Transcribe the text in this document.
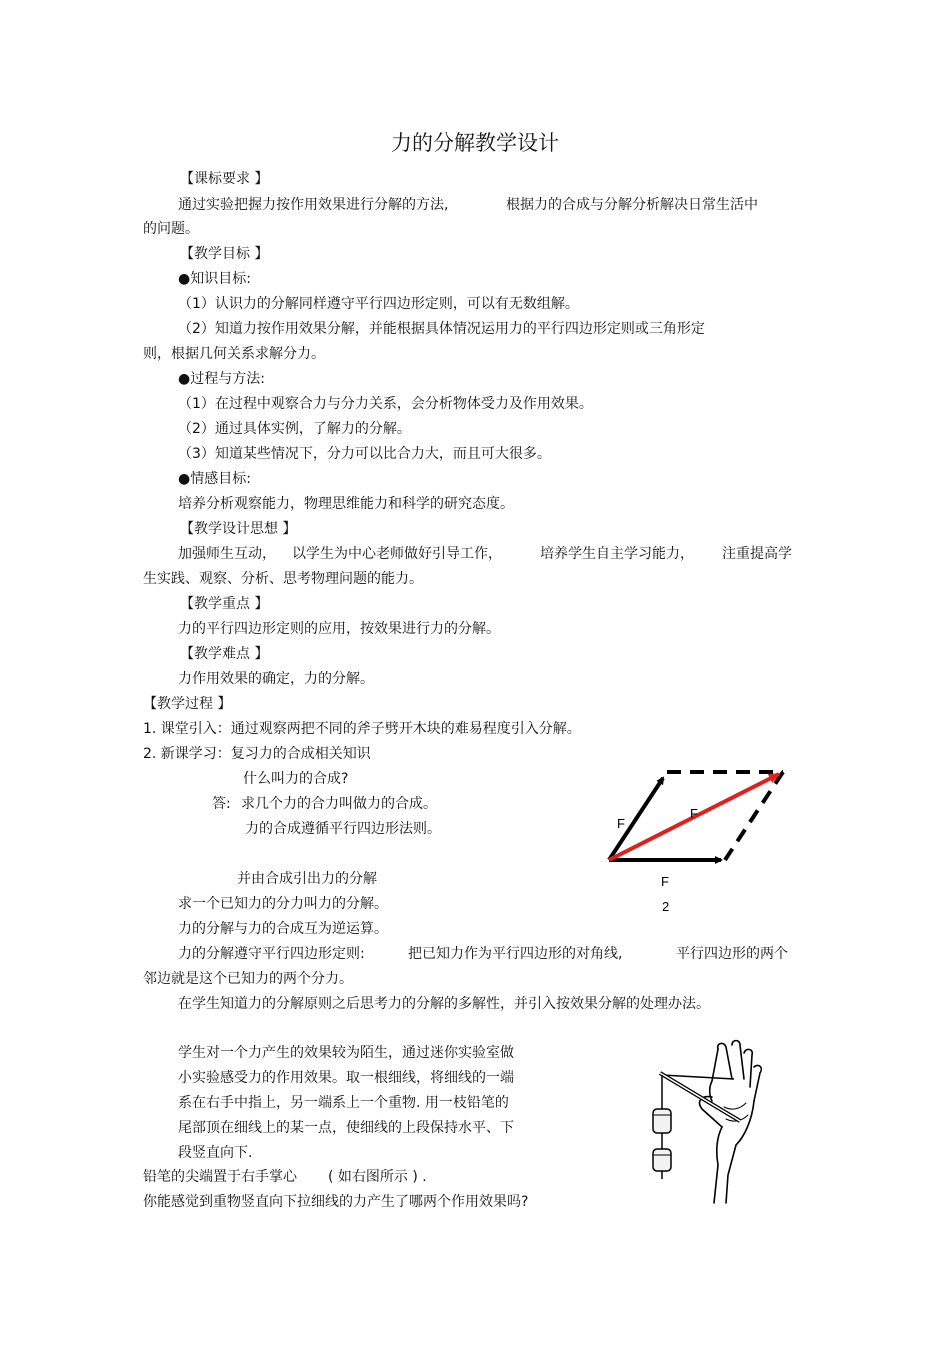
力的分解教学设计
【课标要求 】
通过实验把握力按作用效果进行分解的方法,	根据力的合成与分解分析解决日常生活中
的问题。
【教学目标 】
●知识目标:
（1）认识力的分解同样遵守平行四边形定则，可以有无数组解。
（2）知道力按作用效果分解，并能根据具体情况运用力的平行四边形定则或三角形定
则，根据几何关系求解分力。
●过程与方法:
（1）在过程中观察合力与分力关系，会分析物体受力及作用效果。
（2）通过具体实例，了解力的分解。
（3）知道某些情况下，分力可以比合力大，而且可大很多。
●情感目标:
培养分析观察能力，物理思维能力和科学的研究态度。
【教学设计思想 】
加强师生互动， 以学生为中心老师做好引导工作，	培养学生自主学习能力， 注重提高学
生实践、观察、分析、思考物理问题的能力。
【教学重点 】
力的平行四边形定则的应用，按效果进行力的分解。
【教学难点 】
力作用效果的确定，力的分解。
【教学过程 】
1. 课堂引入：通过观察两把不同的斧子劈开木块的难易程度引入分解。
2. 新课学习：复习力的合成相关知识
什么叫力的合成?
答: 求几个力的合力叫做力的合成。
力的合成遵循平行四边形法则。
并由合成引出力的分解
求一个已知力的分力叫力的分解。
力的分解与力的合成互为逆运算。
力的分解遵守平行四边形定则:	把已知力作为平行四边形的对角线,	平行四边形的两个
邻边就是这个已知力的两个分力。
在学生知道力的分解原则之后思考力的分解的多解性，并引入按效果分解的处理办法。
学生对一个力产生的效果较为陌生，通过迷你实验室做
小实验感受力的作用效果。取一根细线，将细线的一端
系在右手中指上，另一端系上一个重物. 用一枝铅笔的
尾部顶在细线上的某一点，使细线的上段保持水平、下
段竖直向下.
铅笔的尖端置于右手掌心 ( 如右图所示 ) .
你能感觉到重物竖直向下拉细线的力产生了哪两个作用效果吗?
F
F
F
2
